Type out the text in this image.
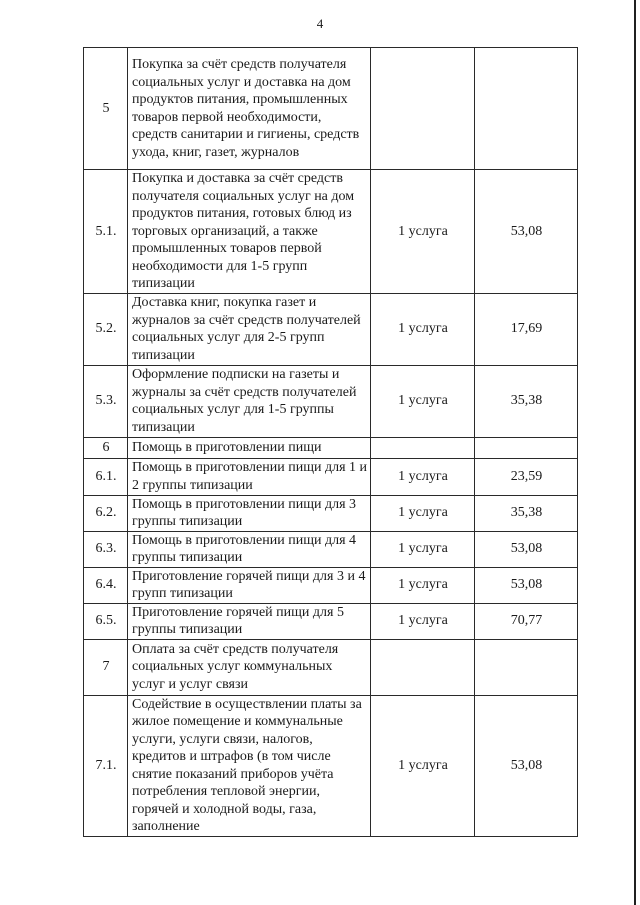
4
5	Покупка за счёт средств получателя социальных услуг и доставка на дом продуктов питания, промышленных товаров первой необходимости, средств санитарии и гигиены, средств ухода, книг, газет, журналов		
5.1.	Покупка и доставка за счёт средств получателя социальных услуг на дом продуктов питания, готовых блюд из торговых организаций, а также промышленных товаров первой необходимости для 1-5 групп типизации	1 услуга	53,08
5.2.	Доставка книг, покупка газет и журналов за счёт средств получателей социальных услуг для 2-5 групп типизации	1 услуга	17,69
5.3.	Оформление подписки на газеты и журналы за счёт средств получателей социальных услуг для 1-5 группы типизации	1 услуга	35,38
6	Помощь в приготовлении пищи		
6.1.	Помощь в приготовлении пищи для 1 и 2 группы типизации	1 услуга	23,59
6.2.	Помощь в приготовлении пищи для 3 группы типизации	1 услуга	35,38
6.3.	Помощь в приготовлении пищи для 4 группы типизации	1 услуга	53,08
6.4.	Приготовление горячей пищи для 3 и 4 групп типизации	1 услуга	53,08
6.5.	Приготовление горячей пищи для 5 группы типизации	1 услуга	70,77
7	Оплата за счёт средств получателя социальных услуг коммунальных услуг и услуг связи		
7.1.	Содействие в осуществлении платы за жилое помещение и коммунальные услуги, услуги связи, налогов, кредитов и штрафов (в том числе снятие показаний приборов учёта потребления тепловой энергии, горячей и холодной воды, газа, заполнение	1 услуга	53,08
